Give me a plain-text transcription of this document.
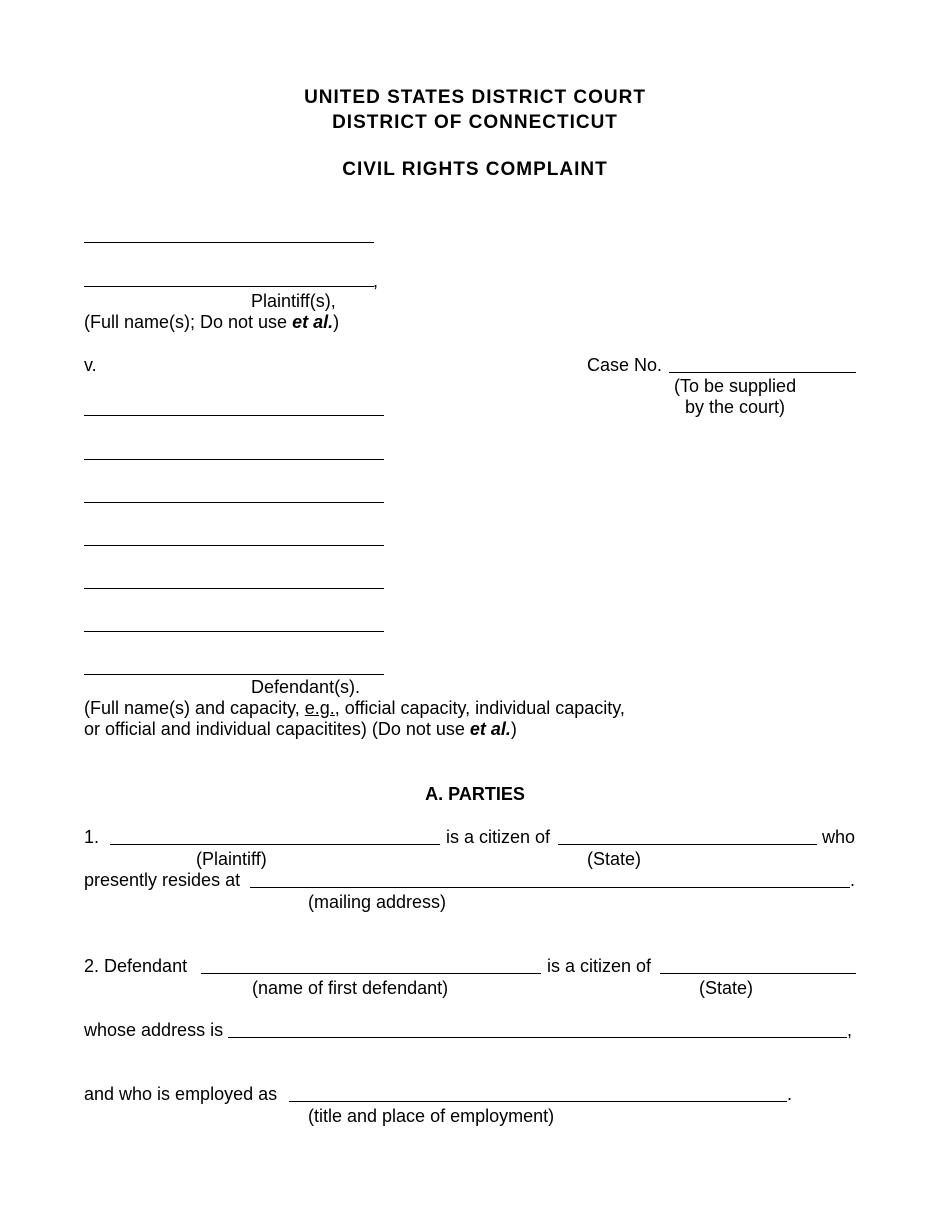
UNITED STATES DISTRICT COURT
DISTRICT OF CONNECTICUT
CIVIL RIGHTS COMPLAINT
,
Plaintiff(s),
(Full name(s); Do not use et al.)
v.	Case No.
(To be supplied
by the court)
Defendant(s).
(Full name(s) and capacity, e.g., official capacity, individual capacity,
or official and individual capacitites) (Do not use et al.)
A. PARTIES
1.	is a citizen of	who
(Plaintiff)	(State)
presently resides at	.
(mailing address)
2. Defendant	is a citizen of
(name of first defendant)	(State)
whose address is	,
and who is employed as	.
(title and place of employment)
